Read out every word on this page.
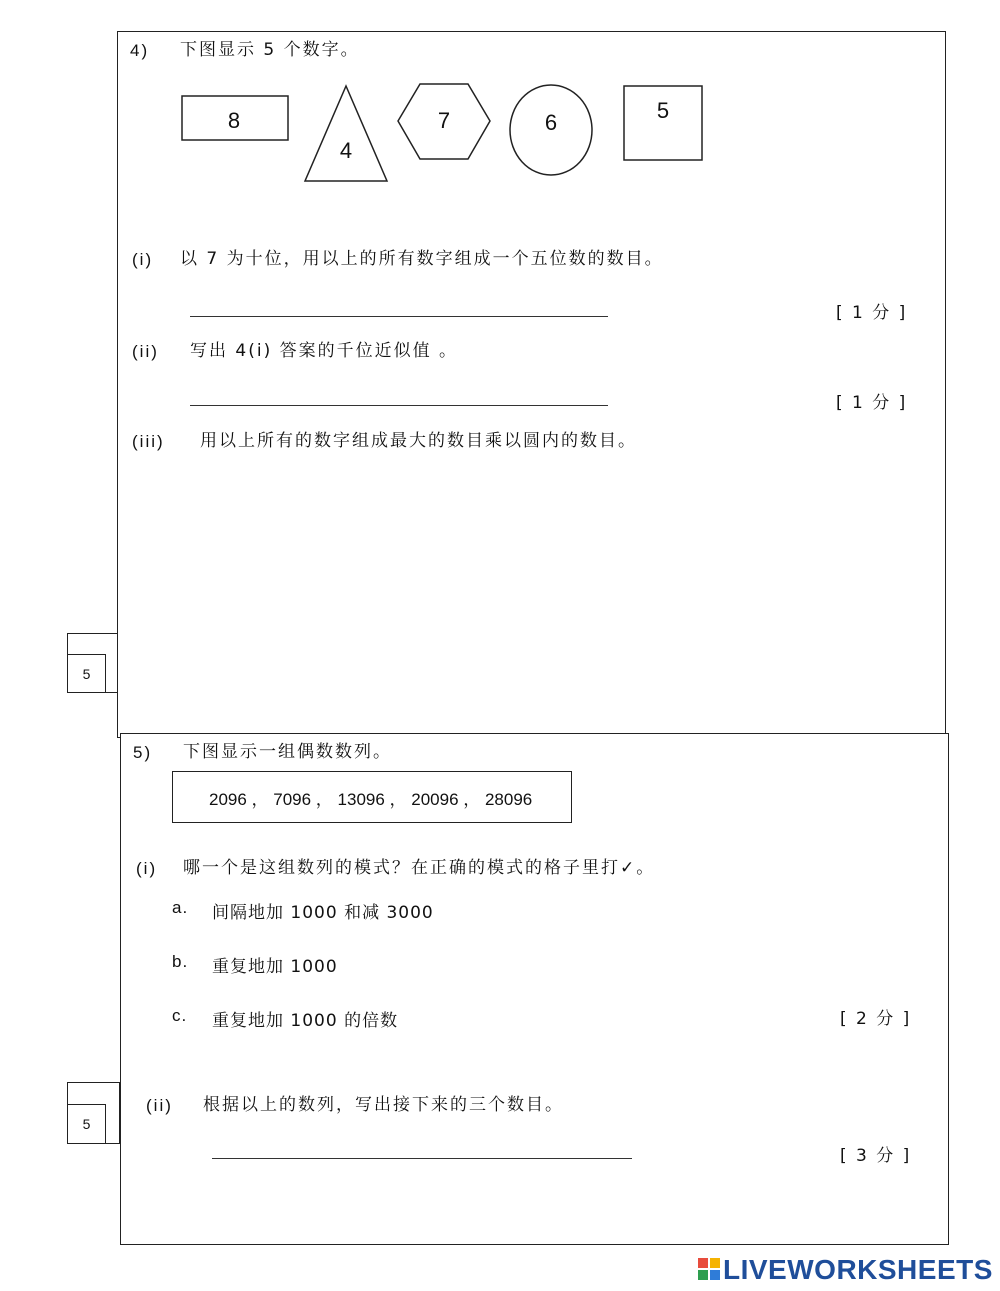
4) 下图显示 5 个数字。
8
4
7	6	5
(i) 以 7 为十位，用以上的所有数字组成一个五位数的数目。
[ 1 分 ]
(ii) 写出 4(i) 答案的千位近似值 。
[ 1 分 ]
(iii) 用以上所有的数字组成最大的数目乘以圆内的数目。
5
5) 下图显示一组偶数数列。
2096 ， 7096 ， 13096 ， 20096 ， 28096
(i) 哪一个是这组数列的模式？在正确的模式的格子里打✓。
a. 间隔地加 1000 和减 3000
b. 重复地加 1000
c. 重复地加 1000 的倍数	[ 2 分 ]
(ii) 根据以上的数列，写出接下来的三个数目。
[ 3 分 ]
5
LIVEWORKSHEETS
